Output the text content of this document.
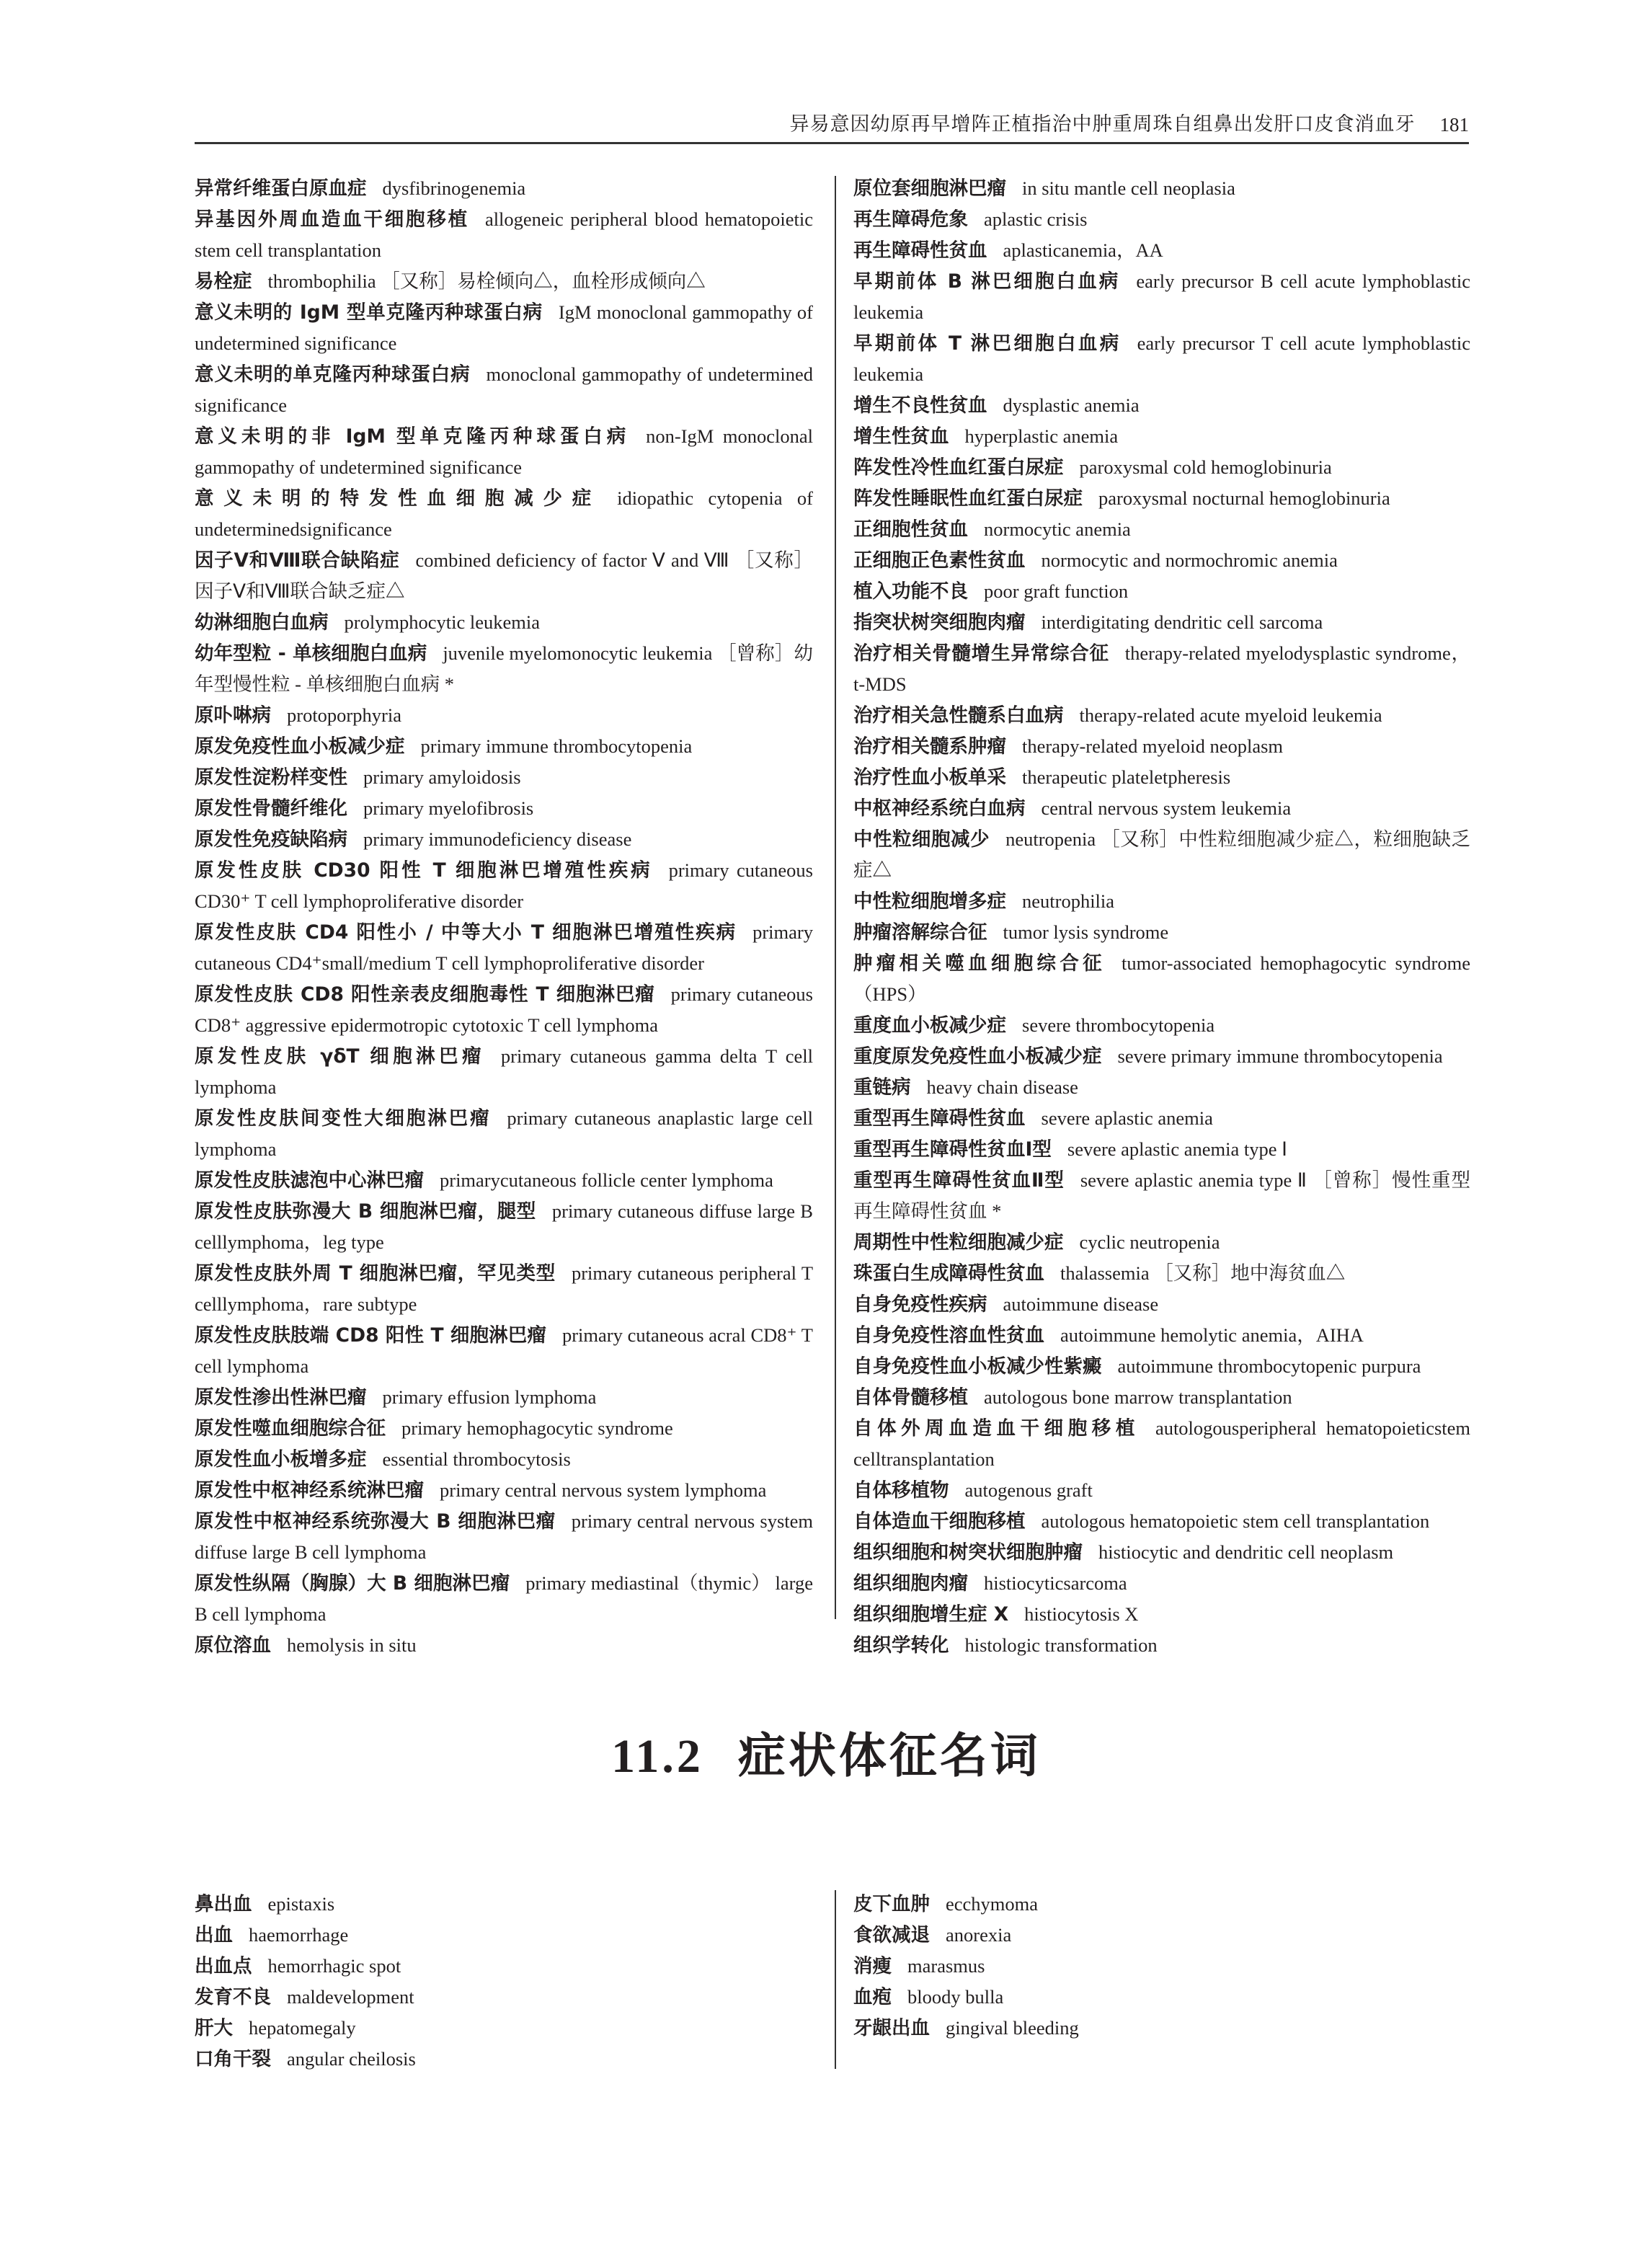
异易意因幼原再早增阵正植指治中肿重周珠自组鼻出发肝口皮食消血牙 181
异常纤维蛋白原血症 dysfibrinogenemia
异基因外周血造血干细胞移植 allogeneic peripheral blood hematopoietic stem cell transplantation
易栓症 thrombophilia ［又称］易栓倾向△，血栓形成倾向△
意义未明的 IgM 型单克隆丙种球蛋白病 IgM monoclonal gammopathy of undetermined significance
意义未明的单克隆丙种球蛋白病 monoclonal gammopathy of undetermined significance
意义未明的非 IgM 型单克隆丙种球蛋白病 non-IgM monoclonal gammopathy of undetermined significance
意义未明的特发性血细胞减少症 idiopathic cytopenia of undeterminedsignificance
因子Ⅴ和Ⅷ联合缺陷症 combined deficiency of factor Ⅴ and Ⅷ ［又称］因子Ⅴ和Ⅷ联合缺乏症△
幼淋细胞白血病 prolymphocytic leukemia
幼年型粒 - 单核细胞白血病 juvenile myelomonocytic leukemia ［曾称］幼年型慢性粒 - 单核细胞白血病 *
原卟啉病 protoporphyria
原发免疫性血小板减少症 primary immune thrombocytopenia
原发性淀粉样变性 primary amyloidosis
原发性骨髓纤维化 primary myelofibrosis
原发性免疫缺陷病 primary immunodeficiency disease
原发性皮肤 CD30 阳性 T 细胞淋巴增殖性疾病 primary cutaneous CD30⁺ T cell lymphoproliferative disorder
原发性皮肤 CD4 阳性小 / 中等大小 T 细胞淋巴增殖性疾病 primary cutaneous CD4⁺small/medium T cell lymphoproliferative disorder
原发性皮肤 CD8 阳性亲表皮细胞毒性 T 细胞淋巴瘤 primary cutaneous CD8⁺ aggressive epidermotropic cytotoxic T cell lymphoma
原发性皮肤 γδT 细胞淋巴瘤 primary cutaneous gamma delta T cell lymphoma
原发性皮肤间变性大细胞淋巴瘤 primary cutaneous anaplastic large cell lymphoma
原发性皮肤滤泡中心淋巴瘤 primarycutaneous follicle center lymphoma
原发性皮肤弥漫大 B 细胞淋巴瘤，腿型 primary cutaneous diffuse large B celllymphoma，leg type
原发性皮肤外周 T 细胞淋巴瘤，罕见类型 primary cutaneous peripheral T celllymphoma，rare subtype
原发性皮肤肢端 CD8 阳性 T 细胞淋巴瘤 primary cutaneous acral CD8⁺ T cell lymphoma
原发性渗出性淋巴瘤 primary effusion lymphoma
原发性噬血细胞综合征 primary hemophagocytic syndrome
原发性血小板增多症 essential thrombocytosis
原发性中枢神经系统淋巴瘤 primary central nervous system lymphoma
原发性中枢神经系统弥漫大 B 细胞淋巴瘤 primary central nervous system diffuse large B cell lymphoma
原发性纵隔（胸腺）大 B 细胞淋巴瘤 primary mediastinal（thymic） large B cell lymphoma
原位溶血 hemolysis in situ
原位套细胞淋巴瘤 in situ mantle cell neoplasia
再生障碍危象 aplastic crisis
再生障碍性贫血 aplasticanemia，AA
早期前体 B 淋巴细胞白血病 early precursor B cell acute lymphoblastic leukemia
早期前体 T 淋巴细胞白血病 early precursor T cell acute lymphoblastic leukemia
增生不良性贫血 dysplastic anemia
增生性贫血 hyperplastic anemia
阵发性冷性血红蛋白尿症 paroxysmal cold hemoglobinuria
阵发性睡眠性血红蛋白尿症 paroxysmal nocturnal hemoglobinuria
正细胞性贫血 normocytic anemia
正细胞正色素性贫血 normocytic and normochromic anemia
植入功能不良 poor graft function
指突状树突细胞肉瘤 interdigitating dendritic cell sarcoma
治疗相关骨髓增生异常综合征 therapy-related myelodysplastic syndrome，t-MDS
治疗相关急性髓系白血病 therapy-related acute myeloid leukemia
治疗相关髓系肿瘤 therapy-related myeloid neoplasm
治疗性血小板单采 therapeutic plateletpheresis
中枢神经系统白血病 central nervous system leukemia
中性粒细胞减少 neutropenia ［又称］中性粒细胞减少症△，粒细胞缺乏症△
中性粒细胞增多症 neutrophilia
肿瘤溶解综合征 tumor lysis syndrome
肿瘤相关噬血细胞综合征 tumor-associated hemophagocytic syndrome（HPS）
重度血小板减少症 severe thrombocytopenia
重度原发免疫性血小板减少症 severe primary immune thrombocytopenia
重链病 heavy chain disease
重型再生障碍性贫血 severe aplastic anemia
重型再生障碍性贫血Ⅰ型 severe aplastic anemia type Ⅰ
重型再生障碍性贫血Ⅱ型 severe aplastic anemia type Ⅱ ［曾称］慢性重型再生障碍性贫血 *
周期性中性粒细胞减少症 cyclic neutropenia
珠蛋白生成障碍性贫血 thalassemia ［又称］地中海贫血△
自身免疫性疾病 autoimmune disease
自身免疫性溶血性贫血 autoimmune hemolytic anemia，AIHA
自身免疫性血小板减少性紫癜 autoimmune thrombocytopenic purpura
自体骨髓移植 autologous bone marrow transplantation
自体外周血造血干细胞移植 autologousperipheral hematopoieticstem celltransplantation
自体移植物 autogenous graft
自体造血干细胞移植 autologous hematopoietic stem cell transplantation
组织细胞和树突状细胞肿瘤 histiocytic and dendritic cell neoplasm
组织细胞肉瘤 histiocyticsarcoma
组织细胞增生症 X histiocytosis X
组织学转化 histologic transformation
11.2 症状体征名词
鼻出血 epistaxis
出血 haemorrhage
出血点 hemorrhagic spot
发育不良 maldevelopment
肝大 hepatomegaly
口角干裂 angular cheilosis
皮下血肿 ecchymoma
食欲减退 anorexia
消瘦 marasmus
血疱 bloody bulla
牙龈出血 gingival bleeding
